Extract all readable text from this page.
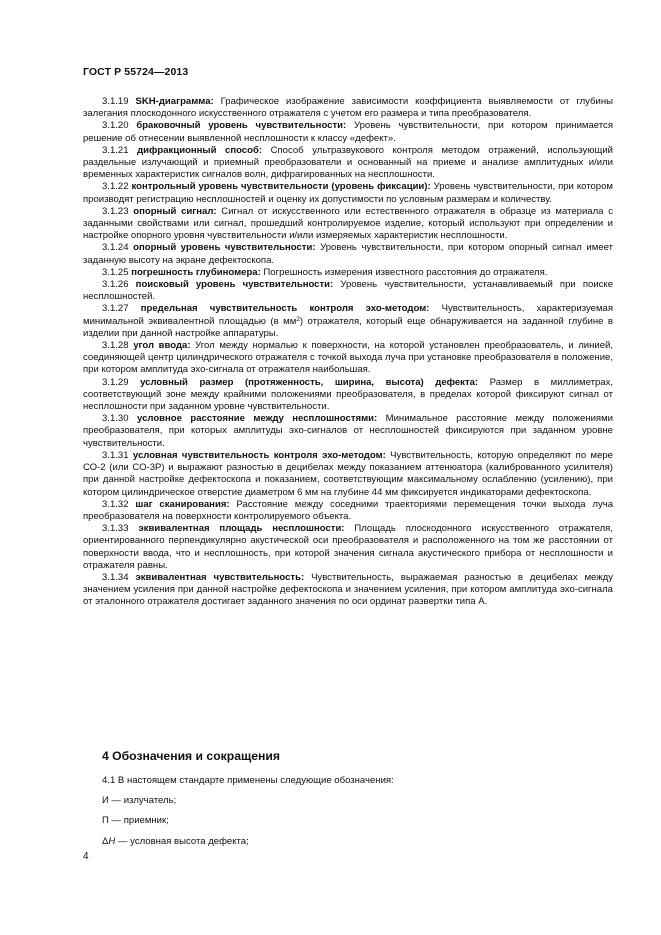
ГОСТ Р 55724—2013

3.1.19 SKH-диаграмма: Графическое изображение зависимости коэффициента выявляемости от глубины залегания плоскодонного искусственного отражателя с учетом его размера и типа преобразователя.

3.1.20 браковочный уровень чувствительности: Уровень чувствительности, при котором принимается решение об отнесении выявленной несплошности к классу «дефект».

3.1.21 дифракционный способ: Способ ультразвукового контроля методом отражений, использующий раздельные излучающий и приемный преобразователи и основанный на приеме и анализе амплитудных и/или временных характеристик сигналов волн, дифрагированных на несплошности.

3.1.22 контрольный уровень чувствительности (уровень фиксации): Уровень чувствительности, при котором производят регистрацию несплошностей и оценку их допустимости по условным размерам и количеству.

3.1.23 опорный сигнал: Сигнал от искусственного или естественного отражателя в образце из материала с заданными свойствами или сигнал, прошедший контролируемое изделие, который используют при определении и настройке опорного уровня чувствительности и/или измеряемых характеристик несплошности.

3.1.24 опорный уровень чувствительности: Уровень чувствительности, при котором опорный сигнал имеет заданную высоту на экране дефектоскопа.

3.1.25 погрешность глубиномера: Погрешность измерения известного расстояния до отражателя.

3.1.26 поисковый уровень чувствительности: Уровень чувствительности, устанавливаемый при поиске несплошностей.

3.1.27 предельная чувствительность контроля эхо-методом: Чувствительность, характеризуемая минимальной эквивалентной площадью (в $мм^2$) отражателя, который еще обнаруживается на заданной глубине в изделии при данной настройке аппаратуры.

3.1.28 угол ввода: Угол между нормалью к поверхности, на которой установлен преобразователь, и линией, соединяющей центр цилиндрического отражателя с точкой выхода луча при установке преобразователя в положение, при котором амплитуда эхо-сигнала от отражателя наибольшая.

3.1.29 условный размер (протяженность, ширина, высота) дефекта: Размер в миллиметрах, соответствующий зоне между крайними положениями преобразователя, в пределах которой фиксируют сигнал от несплошности при заданном уровне чувствительности.

3.1.30 условное расстояние между несплошностями: Минимальное расстояние между положениями преобразователя, при которых амплитуды эхо-сигналов от несплошностей фиксируются при заданном уровне чувствительности.

3.1.31 условная чувствительность контроля эхо-методом: Чувствительность, которую определяют по мере СО-2 (или СО-3Р) и выражают разностью в децибелах между показанием аттенюатора (калиброванного усилителя) при данной настройке дефектоскопа и показанием, соответствующим максимальному ослаблению (усилению), при котором цилиндрическое отверстие диаметром 6 мм на глубине 44 мм фиксируется индикаторами дефектоскопа.

3.1.32 шаг сканирования: Расстояние между соседними траекториями перемещения точки выхода луча преобразователя на поверхности контролируемого объекта.

3.1.33 эквивалентная площадь несплошности: Площадь плоскодонного искусственного отражателя, ориентированного перпендикулярно акустической оси преобразователя и расположенного на том же расстоянии от поверхности ввода, что и несплошность, при которой значения сигнала акустического прибора от несплошности и отражателя равны.

3.1.34 эквивалентная чувствительность: Чувствительность, выражаемая разностью в децибелах между значением усиления при данной настройке дефектоскопа и значением усиления, при котором амплитуда эхо-сигнала от эталонного отражателя достигает заданного значения по оси ординат развертки типа А.

4 Обозначения и сокращения
4.1 В настоящем стандарте применены следующие обозначения:
И — излучатель;
П — приемник;
ΔH — условная высота дефекта;
4
